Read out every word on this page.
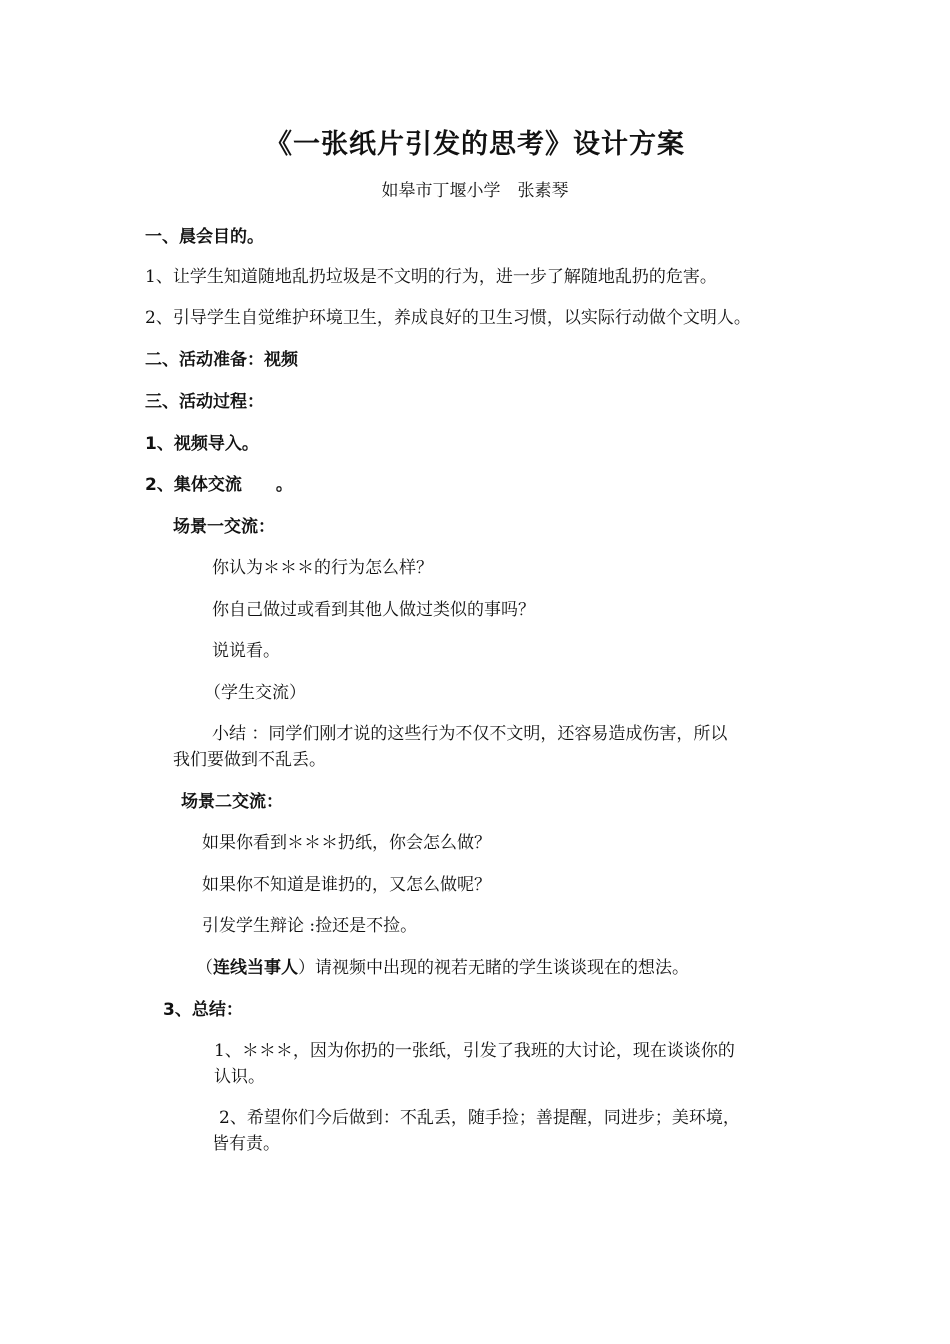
《一张纸片引发的思考》设计方案
如皋市丁堰小学　张素琴
一、晨会目的。
1、让学生知道随地乱扔垃圾是不文明的行为，进一步了解随地乱扔的危害。
2、引导学生自觉维护环境卫生，养成良好的卫生习惯，以实际行动做个文明人。
二、活动准备：视频
三、活动过程：
1、视频导入。
2、集体交流　　。
场景一交流：
你认为＊＊＊的行为怎么样？
你自己做过或看到其他人做过类似的事吗？
说说看。
（学生交流）
小结 ：同学们刚才说的这些行为不仅不文明，还容易造成伤害，所以
我们要做到不乱丢。
场景二交流：
如果你看到＊＊＊扔纸，你会怎么做？
如果你不知道是谁扔的，又怎么做呢？
引发学生辩论 :捡还是不捡。
（连线当事人）请视频中出现的视若无睹的学生谈谈现在的想法。
3、总结：
1、＊＊＊，因为你扔的一张纸，引发了我班的大讨论，现在谈谈你的
认识。
2、希望你们今后做到：不乱丢，随手捡；善提醒，同进步；美环境，
皆有责。
